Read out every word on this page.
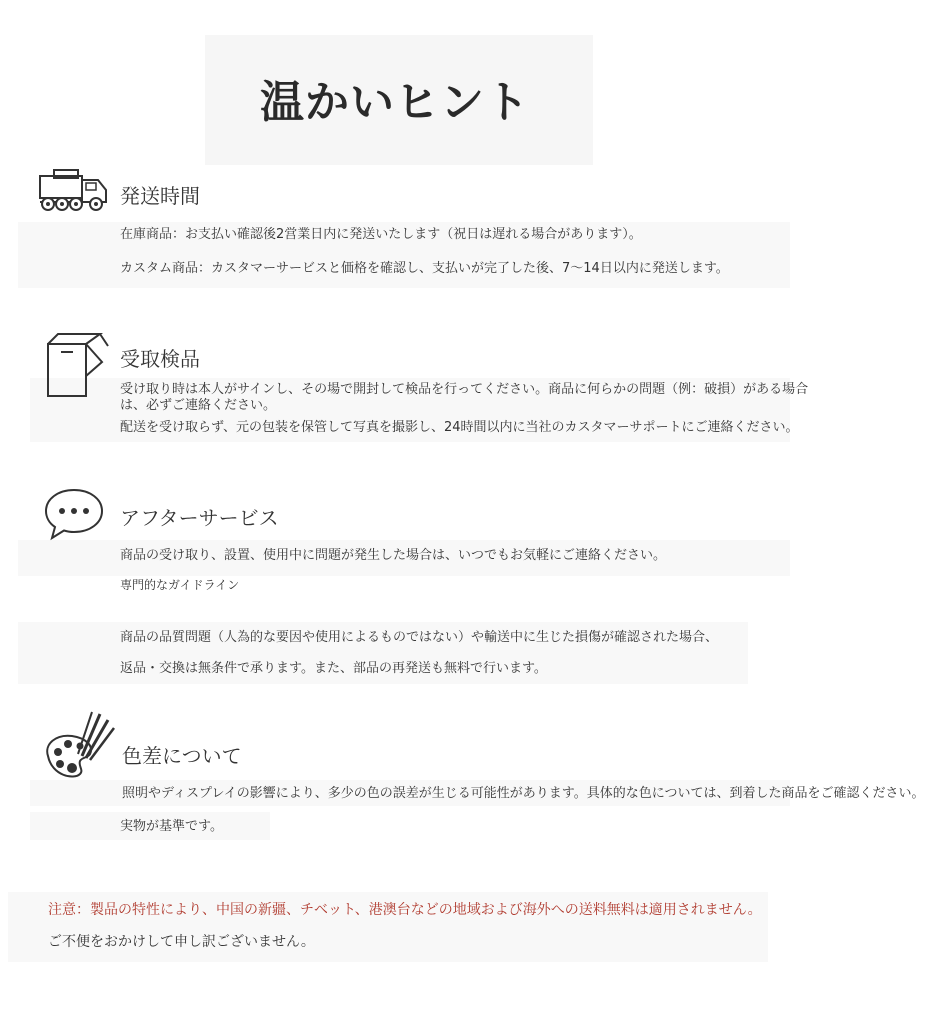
温かいヒント
発送時間
在庫商品：お支払い確認後2営業日内に発送いたします（祝日は遅れる場合があります）。
カスタム商品：カスタマーサービスと価格を確認し、支払いが完了した後、7〜14日以内に発送します。
受取検品
受け取り時は本人がサインし、その場で開封して検品を行ってください。商品に何らかの問題（例：破損）がある場合
は、必ずご連絡ください。
配送を受け取らず、元の包装を保管して写真を撮影し、24時間以内に当社のカスタマーサポートにご連絡ください。
アフターサービス
商品の受け取り、設置、使用中に問題が発生した場合は、いつでもお気軽にご連絡ください。
専門的なガイドライン
商品の品質問題（人為的な要因や使用によるものではない）や輸送中に生じた損傷が確認された場合、
返品・交換は無条件で承ります。また、部品の再発送も無料で行います。
色差について
照明やディスプレイの影響により、多少の色の誤差が生じる可能性があります。具体的な色については、到着した商品をご確認ください。
実物が基準です。
注意：製品の特性により、中国の新疆、チベット、港澳台などの地域および海外への送料無料は適用されません。
ご不便をおかけして申し訳ございません。
